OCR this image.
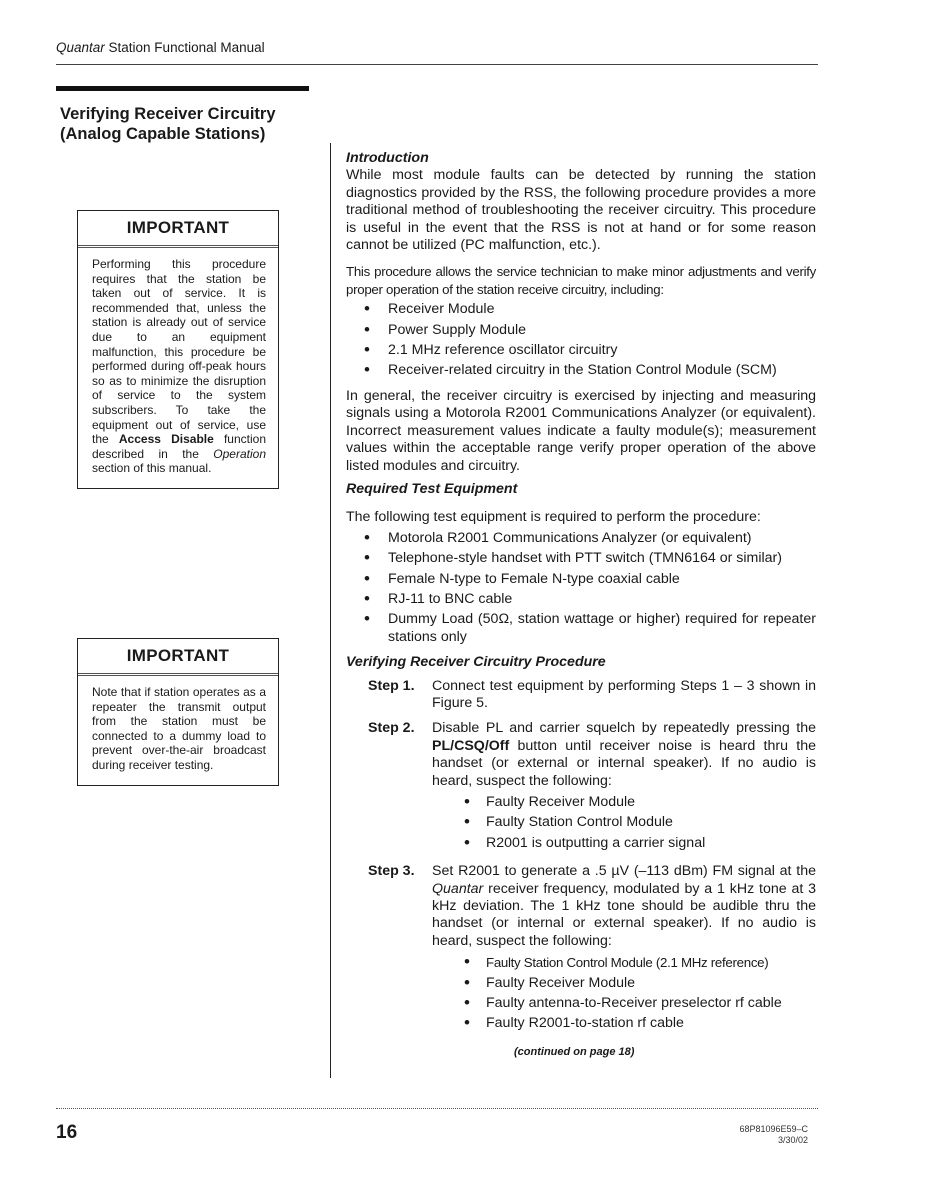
Quantar Station Functional Manual
Verifying Receiver Circuitry
(Analog Capable Stations)
IMPORTANT
Performing this procedure requires that the station be taken out of service. It is recommended that, unless the station is already out of service due to an equipment malfunction, this procedure be performed during off-peak hours so as to minimize the disruption of service to the system subscribers. To take the equipment out of service, use the Access Disable function described in the Operation section of this manual.
IMPORTANT
Note that if station operates as a repeater the transmit output from the station must be connected to a dummy load to prevent over-the-air broadcast during receiver testing.

Introduction

While most module faults can be detected by running the station diagnostics provided by the RSS, the following procedure provides a more traditional method of troubleshooting the receiver circuitry. This procedure is useful in the event that the RSS is not at hand or for some reason cannot be utilized (PC malfunction, etc.).

This procedure allows the service technician to make minor adjustments and verify proper operation of the station receive circuitry, including:

• Receiver Module
• Power Supply Module
• 2.1 MHz reference oscillator circuitry
• Receiver-related circuitry in the Station Control Module (SCM)

In general, the receiver circuitry is exercised by injecting and measuring signals using a Motorola R2001 Communications Analyzer (or equivalent). Incorrect measurement values indicate a faulty module(s); measurement values within the acceptable range verify proper operation of the above listed modules and circuitry.

Required Test Equipment

The following test equipment is required to perform the procedure:

• Motorola R2001 Communications Analyzer (or equivalent)
• Telephone-style handset with PTT switch (TMN6164 or similar)
• Female N-type to Female N-type coaxial cable
• RJ-11 to BNC cable
• Dummy Load (50Ω, station wattage or higher) required for repeater stations only

Verifying Receiver Circuitry Procedure

Step 1.	Connect test equipment by performing Steps 1 – 3 shown in Figure 5.
Step 2.	Disable PL and carrier squelch by repeatedly pressing the PL/CSQ/Off button until receiver noise is heard thru the handset (or external or internal speaker). If no audio is heard, suspect the following:
• Faulty Receiver Module
• Faulty Station Control Module
• R2001 is outputting a carrier signal
Step 3.	Set R2001 to generate a .5 µV (–113 dBm) FM signal at the Quantar receiver frequency, modulated by a 1 kHz tone at 3 kHz deviation. The 1 kHz tone should be audible thru the handset (or internal or external speaker). If no audio is heard, suspect the following:
• Faulty Station Control Module (2.1 MHz reference)
• Faulty Receiver Module
• Faulty antenna-to-Receiver preselector rf cable
• Faulty R2001-to-station rf cable
(continued on page 18)
16	68P81096E59–C
3/30/02
